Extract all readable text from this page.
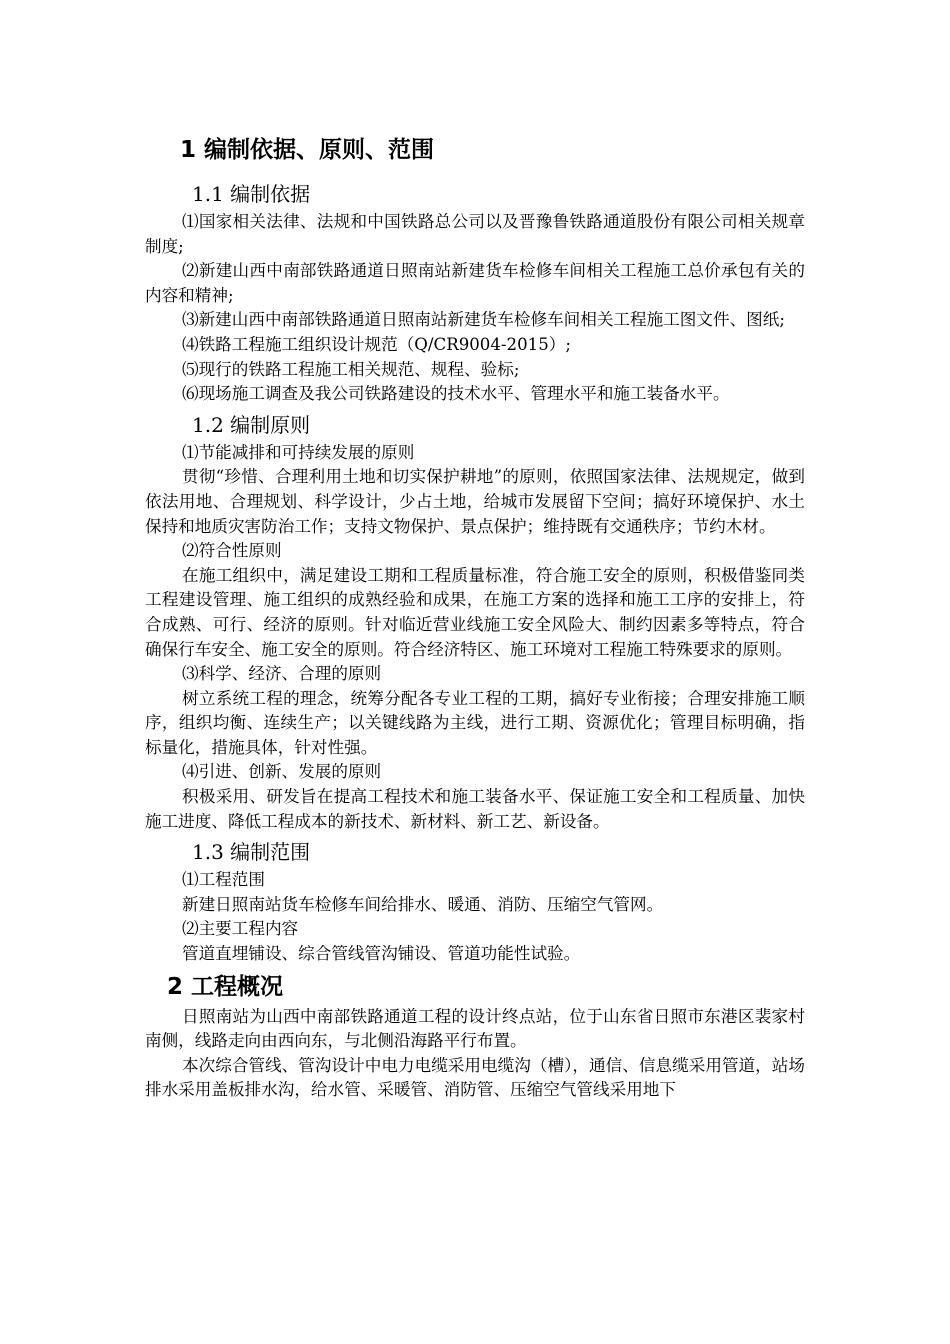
1 编制依据、原则、范围
1.1 编制依据

⑴国家相关法律、法规和中国铁路总公司以及晋豫鲁铁路通道股份有限公司相关规章制度;

⑵新建山西中南部铁路通道日照南站新建货车检修车间相关工程施工总价承包有关的内容和精神;

⑶新建山西中南部铁路通道日照南站新建货车检修车间相关工程施工图文件、图纸;

⑷铁路工程施工组织设计规范（Q/CR9004-2015）;

⑸现行的铁路工程施工相关规范、规程、验标;

⑹现场施工调查及我公司铁路建设的技术水平、管理水平和施工装备水平。

1.2 编制原则

⑴节能减排和可持续发展的原则

贯彻“珍惜、合理利用土地和切实保护耕地”的原则，依照国家法律、法规规定，做到依法用地、合理规划、科学设计，少占土地，给城市发展留下空间；搞好环境保护、水土保持和地质灾害防治工作；支持文物保护、景点保护；维持既有交通秩序；节约木材。

⑵符合性原则

在施工组织中，满足建设工期和工程质量标准，符合施工安全的原则，积极借鉴同类工程建设管理、施工组织的成熟经验和成果，在施工方案的选择和施工工序的安排上，符合成熟、可行、经济的原则。针对临近营业线施工安全风险大、制约因素多等特点，符合确保行车安全、施工安全的原则。符合经济特区、施工环境对工程施工特殊要求的原则。

⑶科学、经济、合理的原则

树立系统工程的理念，统筹分配各专业工程的工期，搞好专业衔接；合理安排施工顺序，组织均衡、连续生产；以关键线路为主线，进行工期、资源优化；管理目标明确，指标量化，措施具体，针对性强。

⑷引进、创新、发展的原则

积极采用、研发旨在提高工程技术和施工装备水平、保证施工安全和工程质量、加快施工进度、降低工程成本的新技术、新材料、新工艺、新设备。

1.3 编制范围

⑴工程范围

新建日照南站货车检修车间给排水、暖通、消防、压缩空气管网。

⑵主要工程内容

管道直埋铺设、综合管线管沟铺设、管道功能性试验。

2 工程概况

日照南站为山西中南部铁路通道工程的设计终点站，位于山东省日照市东港区裴家村南侧，线路走向由西向东，与北侧沿海路平行布置。

本次综合管线、管沟设计中电力电缆采用电缆沟（槽），通信、信息缆采用管道，站场排水采用盖板排水沟，给水管、采暖管、消防管、压缩空气管线采用地下
